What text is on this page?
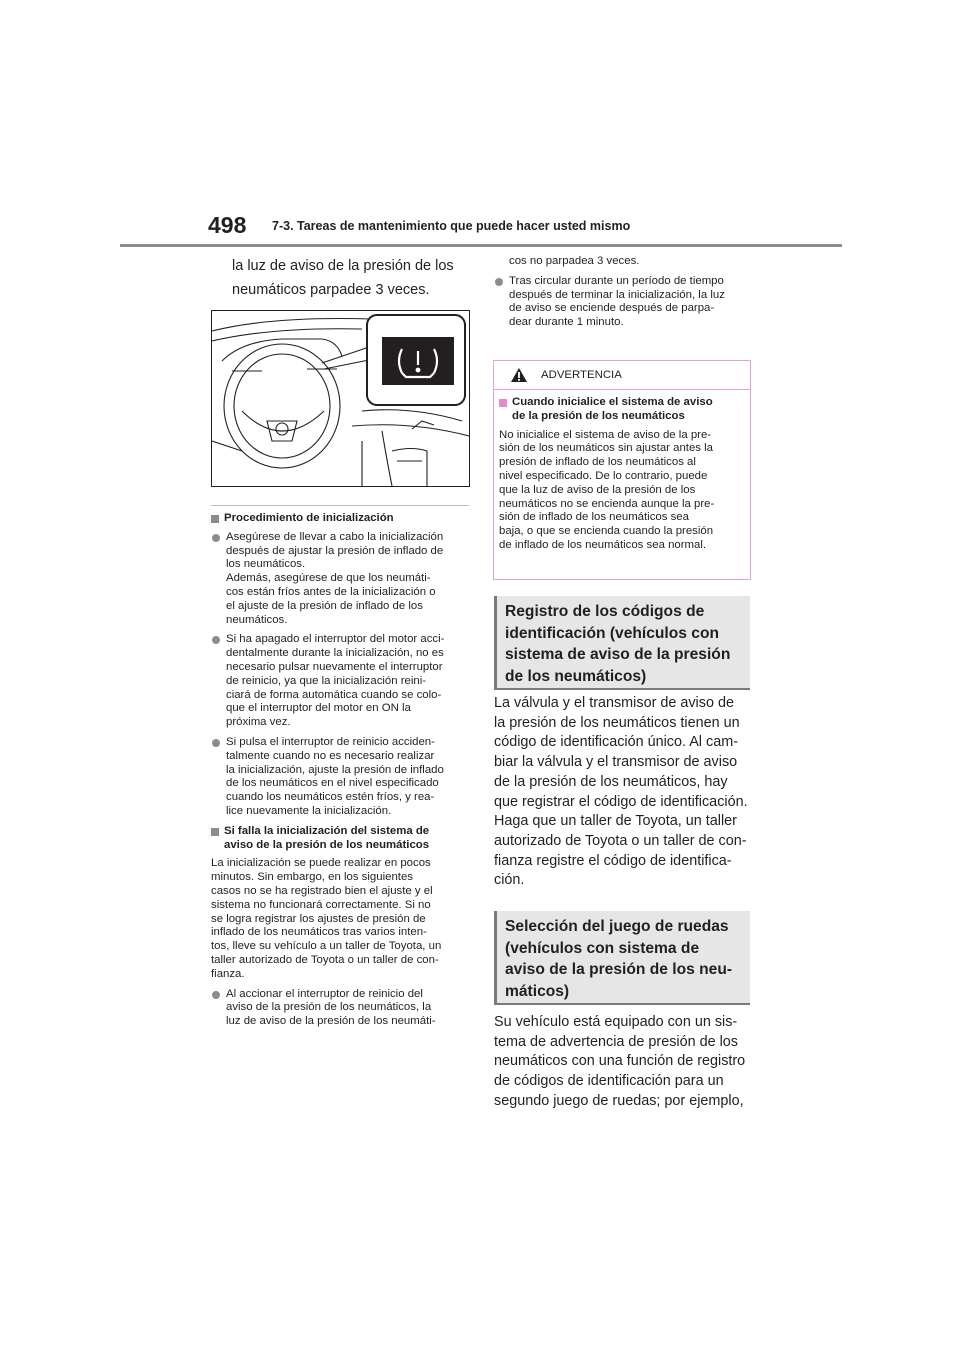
498 7-3. Tareas de mantenimiento que puede hacer usted mismo
la luz de aviso de la presión de los
neumáticos parpadee 3 veces.
Procedimiento de inicialización
Asegúrese de llevar a cabo la inicialización
después de ajustar la presión de inflado de
los neumáticos.
Además, asegúrese de que los neumáti-
cos están fríos antes de la inicialización o
el ajuste de la presión de inflado de los
neumáticos.
Si ha apagado el interruptor del motor acci-
dentalmente durante la inicialización, no es
necesario pulsar nuevamente el interruptor
de reinicio, ya que la inicialización reini-
ciará de forma automática cuando se colo-
que el interruptor del motor en ON la
próxima vez.
Si pulsa el interruptor de reinicio acciden-
talmente cuando no es necesario realizar
la inicialización, ajuste la presión de inflado
de los neumáticos en el nivel especificado
cuando los neumáticos estén fríos, y rea-
lice nuevamente la inicialización.
Si falla la inicialización del sistema de
aviso de la presión de los neumáticos
La inicialización se puede realizar en pocos
minutos. Sin embargo, en los siguientes
casos no se ha registrado bien el ajuste y el
sistema no funcionará correctamente. Si no
se logra registrar los ajustes de presión de
inflado de los neumáticos tras varios inten-
tos, lleve su vehículo a un taller de Toyota, un
taller autorizado de Toyota o un taller de con-
fianza.
Al accionar el interruptor de reinicio del
aviso de la presión de los neumáticos, la
luz de aviso de la presión de los neumáti-
cos no parpadea 3 veces.
Tras circular durante un período de tiempo
después de terminar la inicialización, la luz
de aviso se enciende después de parpa-
dear durante 1 minuto.
ADVERTENCIA
Cuando inicialice el sistema de aviso
de la presión de los neumáticos
No inicialice el sistema de aviso de la pre-
sión de los neumáticos sin ajustar antes la
presión de inflado de los neumáticos al
nivel especificado. De lo contrario, puede
que la luz de aviso de la presión de los
neumáticos no se encienda aunque la pre-
sión de inflado de los neumáticos sea
baja, o que se encienda cuando la presión
de inflado de los neumáticos sea normal.
Registro de los códigos de
identificación (vehículos con
sistema de aviso de la presión
de los neumáticos)
La válvula y el transmisor de aviso de
la presión de los neumáticos tienen un
código de identificación único. Al cam-
biar la válvula y el transmisor de aviso
de la presión de los neumáticos, hay
que registrar el código de identificación.
Haga que un taller de Toyota, un taller
autorizado de Toyota o un taller de con-
fianza registre el código de identifica-
ción.
Selección del juego de ruedas
(vehículos con sistema de
aviso de la presión de los neu-
máticos)
Su vehículo está equipado con un sis-
tema de advertencia de presión de los
neumáticos con una función de registro
de códigos de identificación para un
segundo juego de ruedas; por ejemplo,
